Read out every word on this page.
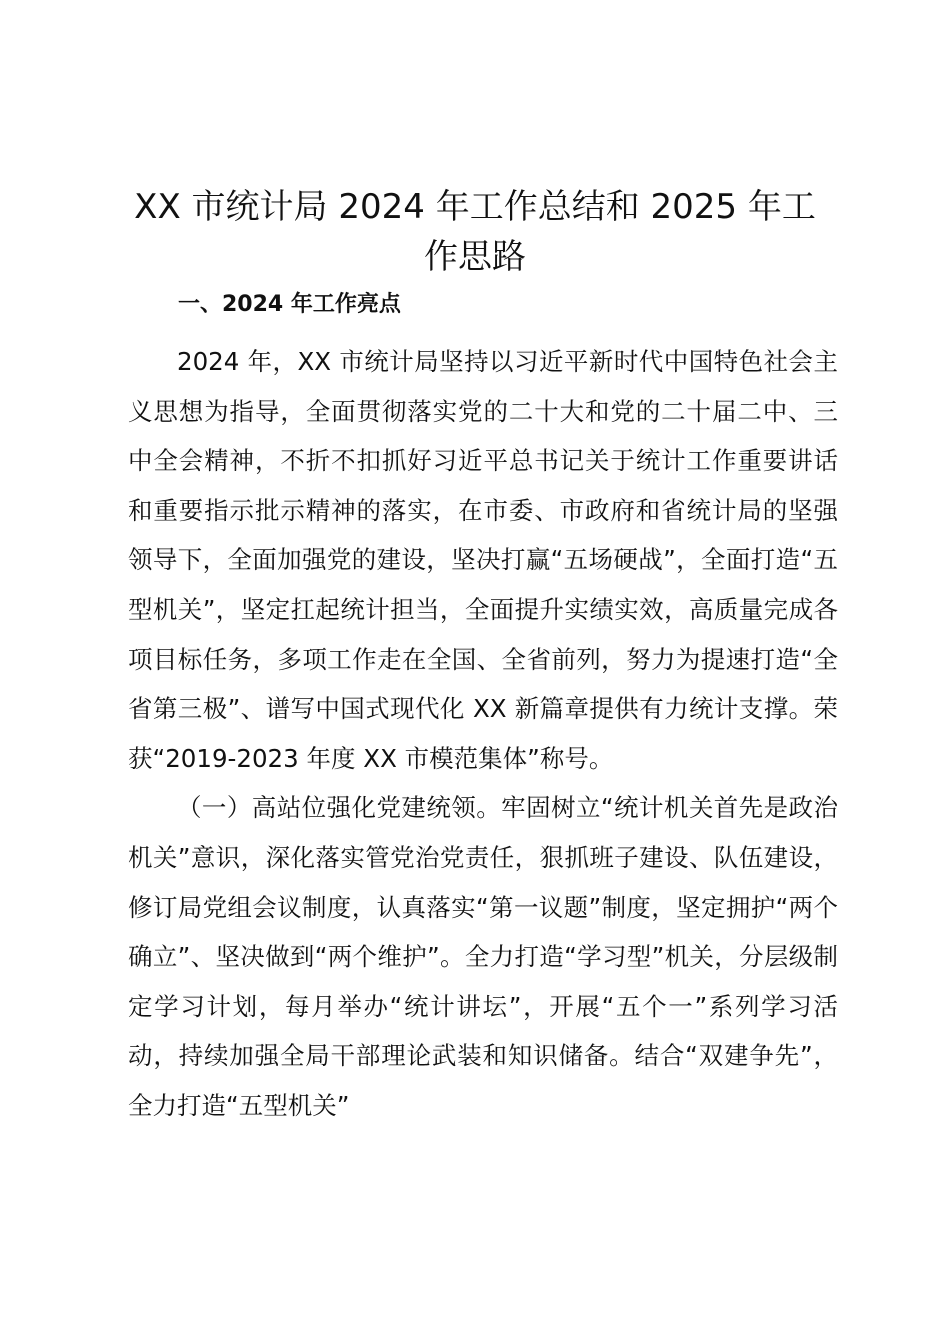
XX 市统计局 2024 年工作总结和 2025 年工作思路
一、2024 年工作亮点

2024 年，XX 市统计局坚持以习近平新时代中国特色社会主义思想为指导，全面贯彻落实党的二十大和党的二十届二中、三中全会精神，不折不扣抓好习近平总书记关于统计工作重要讲话和重要指示批示精神的落实，在市委、市政府和省统计局的坚强领导下，全面加强党的建设，坚决打赢“五场硬战”，全面打造“五型机关”，坚定扛起统计担当，全面提升实绩实效，高质量完成各项目标任务，多项工作走在全国、全省前列，努力为提速打造“全省第三极”、谱写中国式现代化 XX 新篇章提供有力统计支撑。荣获“2019-2023 年度 XX 市模范集体”称号。

（一）高站位强化党建统领。牢固树立“统计机关首先是政治机关”意识，深化落实管党治党责任，狠抓班子建设、队伍建设，修订局党组会议制度，认真落实“第一议题”制度，坚定拥护“两个确立”、坚决做到“两个维护”。全力打造“学习型”机关，分层级制定学习计划，每月举办“统计讲坛”，开展“五个一”系列学习活动，持续加强全局干部理论武装和知识储备。结合“双建争先”，全力打造“五型机关”
